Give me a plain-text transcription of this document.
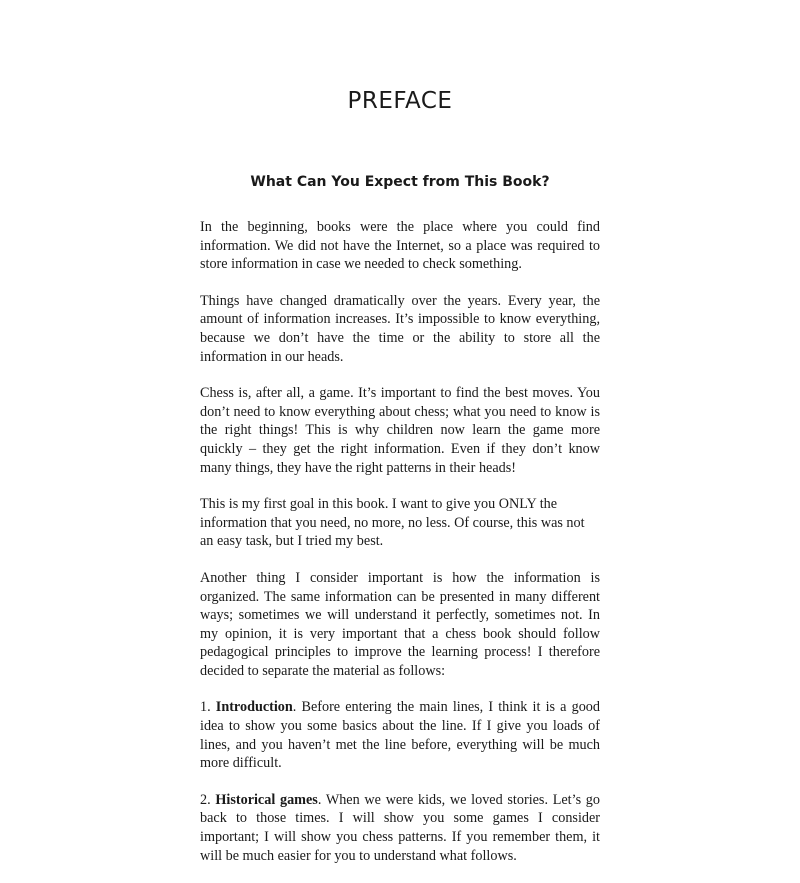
PREFACE
What Can You Expect from This Book?

In the beginning, books were the place where you could find information. We did not have the Internet, so a place was required to store information in case we needed to check something.

Things have changed dramatically over the years. Every year, the amount of information increases. It’s impossible to know everything, because we don’t have the time or the ability to store all the information in our heads.

Chess is, after all, a game. It’s important to find the best moves. You don’t need to know everything about chess; what you need to know is the right things! This is why children now learn the game more quickly – they get the right information. Even if they don’t know many things, they have the right patterns in their heads!

This is my first goal in this book. I want to give you ONLY the information that you need, no more, no less. Of course, this was not an easy task, but I tried my best.

Another thing I consider important is how the information is organized. The same information can be presented in many different ways; sometimes we will understand it perfectly, sometimes not. In my opinion, it is very important that a chess book should follow pedagogical principles to improve the learning process! I therefore decided to separate the material as follows:

1. Introduction. Before entering the main lines, I think it is a good idea to show you some basics about the line. If I give you loads of lines, and you haven’t met the line before, everything will be much more difficult.

2. Historical games. When we were kids, we loved stories. Let’s go back to those times. I will show you some games I consider important; I will show you chess patterns. If you remember them, it will be much easier for you to understand what follows.
